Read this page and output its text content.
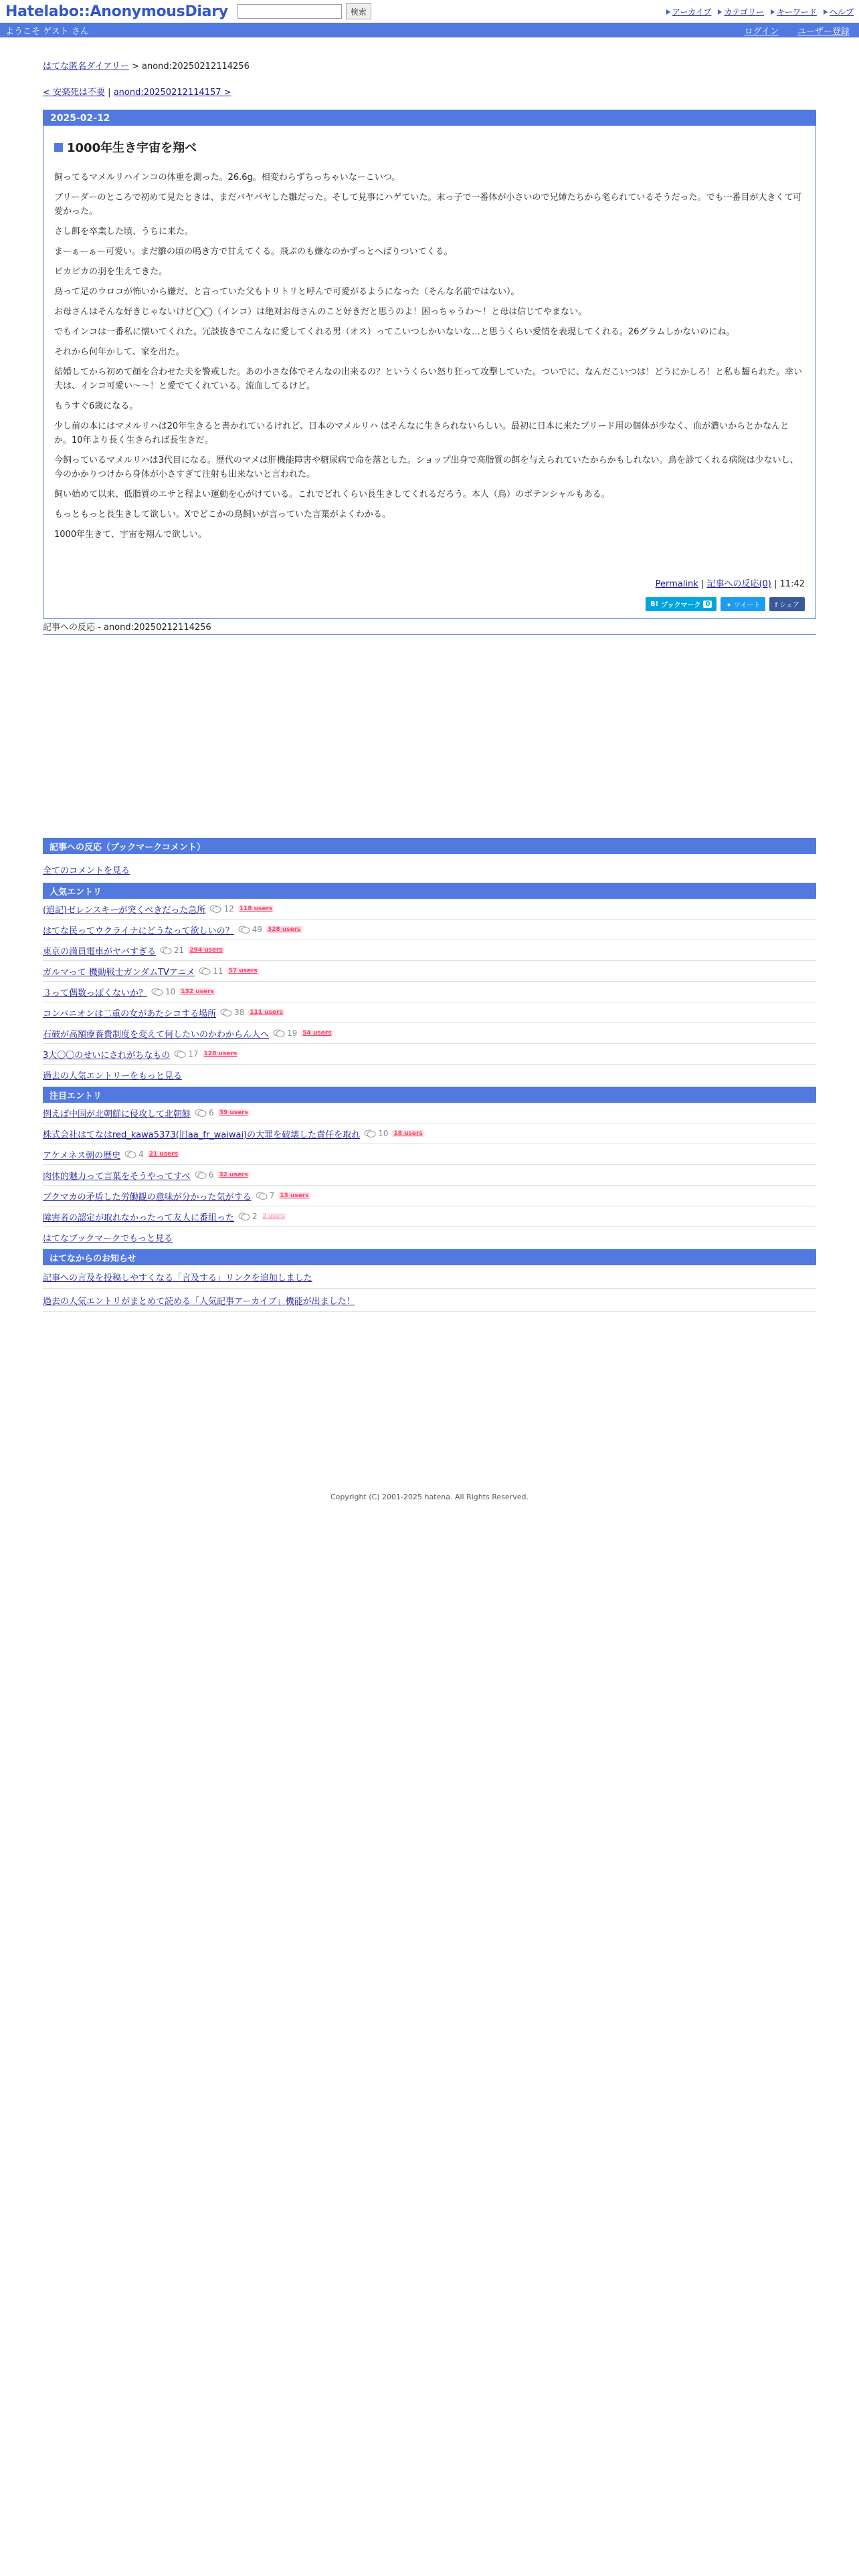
Hatelabo::AnonymousDiary	検索	アーカイブ カテゴリー キーワード ヘルプ
ようこそ ゲスト さん	ログイン ユーザー登録
はてな匿名ダイアリー > anond:20250212114256
< 安楽死は不要 | anond:20250212114157 >
2025-02-12
1000年生き宇宙を翔べ

飼ってるマメルリハインコの体重を測った。26.6g。相変わらずちっちゃいなーこいつ。

ブリーダーのところで初めて見たときは、まだパヤパヤした雛だった。そして見事にハゲていた。末っ子で一番体が小さいので兄姉たちから毟られているそうだった。でも一番目が大きくて可愛かった。

さし餌を卒業した頃、うちに来た。

まーぁーぁー可愛い。まだ雛の頃の鳴き方で甘えてくる。飛ぶのも嫌なのかずっとへばりついてくる。

ピカピカの羽を生えてきた。

鳥って足のウロコが怖いから嫌だ、と言っていた父もトリトリと呼んで可愛がるようになった（そんな名前ではない）。

お母さんはそんな好きじゃないけど◯◯（インコ）は絶対お母さんのこと好きだと思うのよ！困っちゃうわ〜！と母は信じてやまない。

でもインコは一番私に懐いてくれた。冗談抜きでこんなに愛してくれる男（オス）ってこいつしかいないな…と思うくらい愛情を表現してくれる。26グラムしかないのにね。

それから何年かして、家を出た。

結婚してから初めて顔を合わせた夫を警戒した。あの小さな体でそんなの出来るの？というくらい怒り狂って攻撃していた。ついでに、なんだこいつは！どうにかしろ！と私も齧られた。幸い夫は、インコ可愛い〜〜！と愛でてくれている。流血してるけど。

もうすぐ6歳になる。

少し前の本にはマメルリハは20年生きると書かれているけれど、日本のマメルリハ はそんなに生きられないらしい。最初に日本に来たブリード用の個体が少なく、血が濃いからとかなんとか。10年より長く生きられば長生きだ。

今飼っているマメルリハは3代目になる。歴代のマメは肝機能障害や糖尿病で命を落とした。ショップ出身で高脂質の餌を与えられていたからかもしれない。鳥を診てくれる病院は少ないし、今のかかりつけから身体が小さすぎて注射も出来ないと言われた。

飼い始めて以来、低脂質のエサと程よい運動を心がけている。これでどれくらい長生きしてくれるだろう。本人（鳥）のポテンシャルもある。

もっともっと長生きして欲しい。Xでどこかの鳥飼いが言っていた言葉がよくわかる。

1000年生きて、宇宙を翔んで欲しい。

Permalink | 記事への反応(0) | 11:42
B! ブックマーク 0	✦ ツイート	f シェア
記事への反応 - anond:20250212114256
記事への反応（ブックマークコメント）
全てのコメントを見る
人気エントリ
(追記)ゼレンスキーが突くべきだった急所 12 118 users
はてな民ってウクライナにどうなって欲しいの？ 49 328 users
東京の満員電車がヤバすぎる 21 294 users
ガルマって 機動戦士ガンダムTVアニメ 11 57 users
３って偶数っぽくないか？ 10 132 users
コンパニオンは二重の女があたシコする場所 38 111 users
石破が高額療養費制度を変えて何したいのかわからん人へ 19 54 users
3大〇〇のせいにされがちなもの 17 128 users
過去の人気エントリーをもっと見る
注目エントリ
例えば中国が北朝鮮に侵攻して北朝鮮 6 39 users
株式会社はてなはred_kawa5373(旧aa_fr_waiwai)の大罪を破壊した責任を取れ 10 18 users
アケメネス朝の歴史 4 21 users
肉体的魅力って言葉をそうやってすべ 6 32 users
ブクマカの矛盾した労働観の意味が分かった気がする 7 13 users
障害者の認定が取れなかったって友人に番組った 2 2 users
はてなブックマークでもっと見る
はてなからのお知らせ
記事への言及を投稿しやすくなる「言及する」リンクを追加しました
過去の人気エントリがまとめて読める「人気記事アーカイブ」機能が出ました！
Copyright (C) 2001-2025 hatena. All Rights Reserved.
